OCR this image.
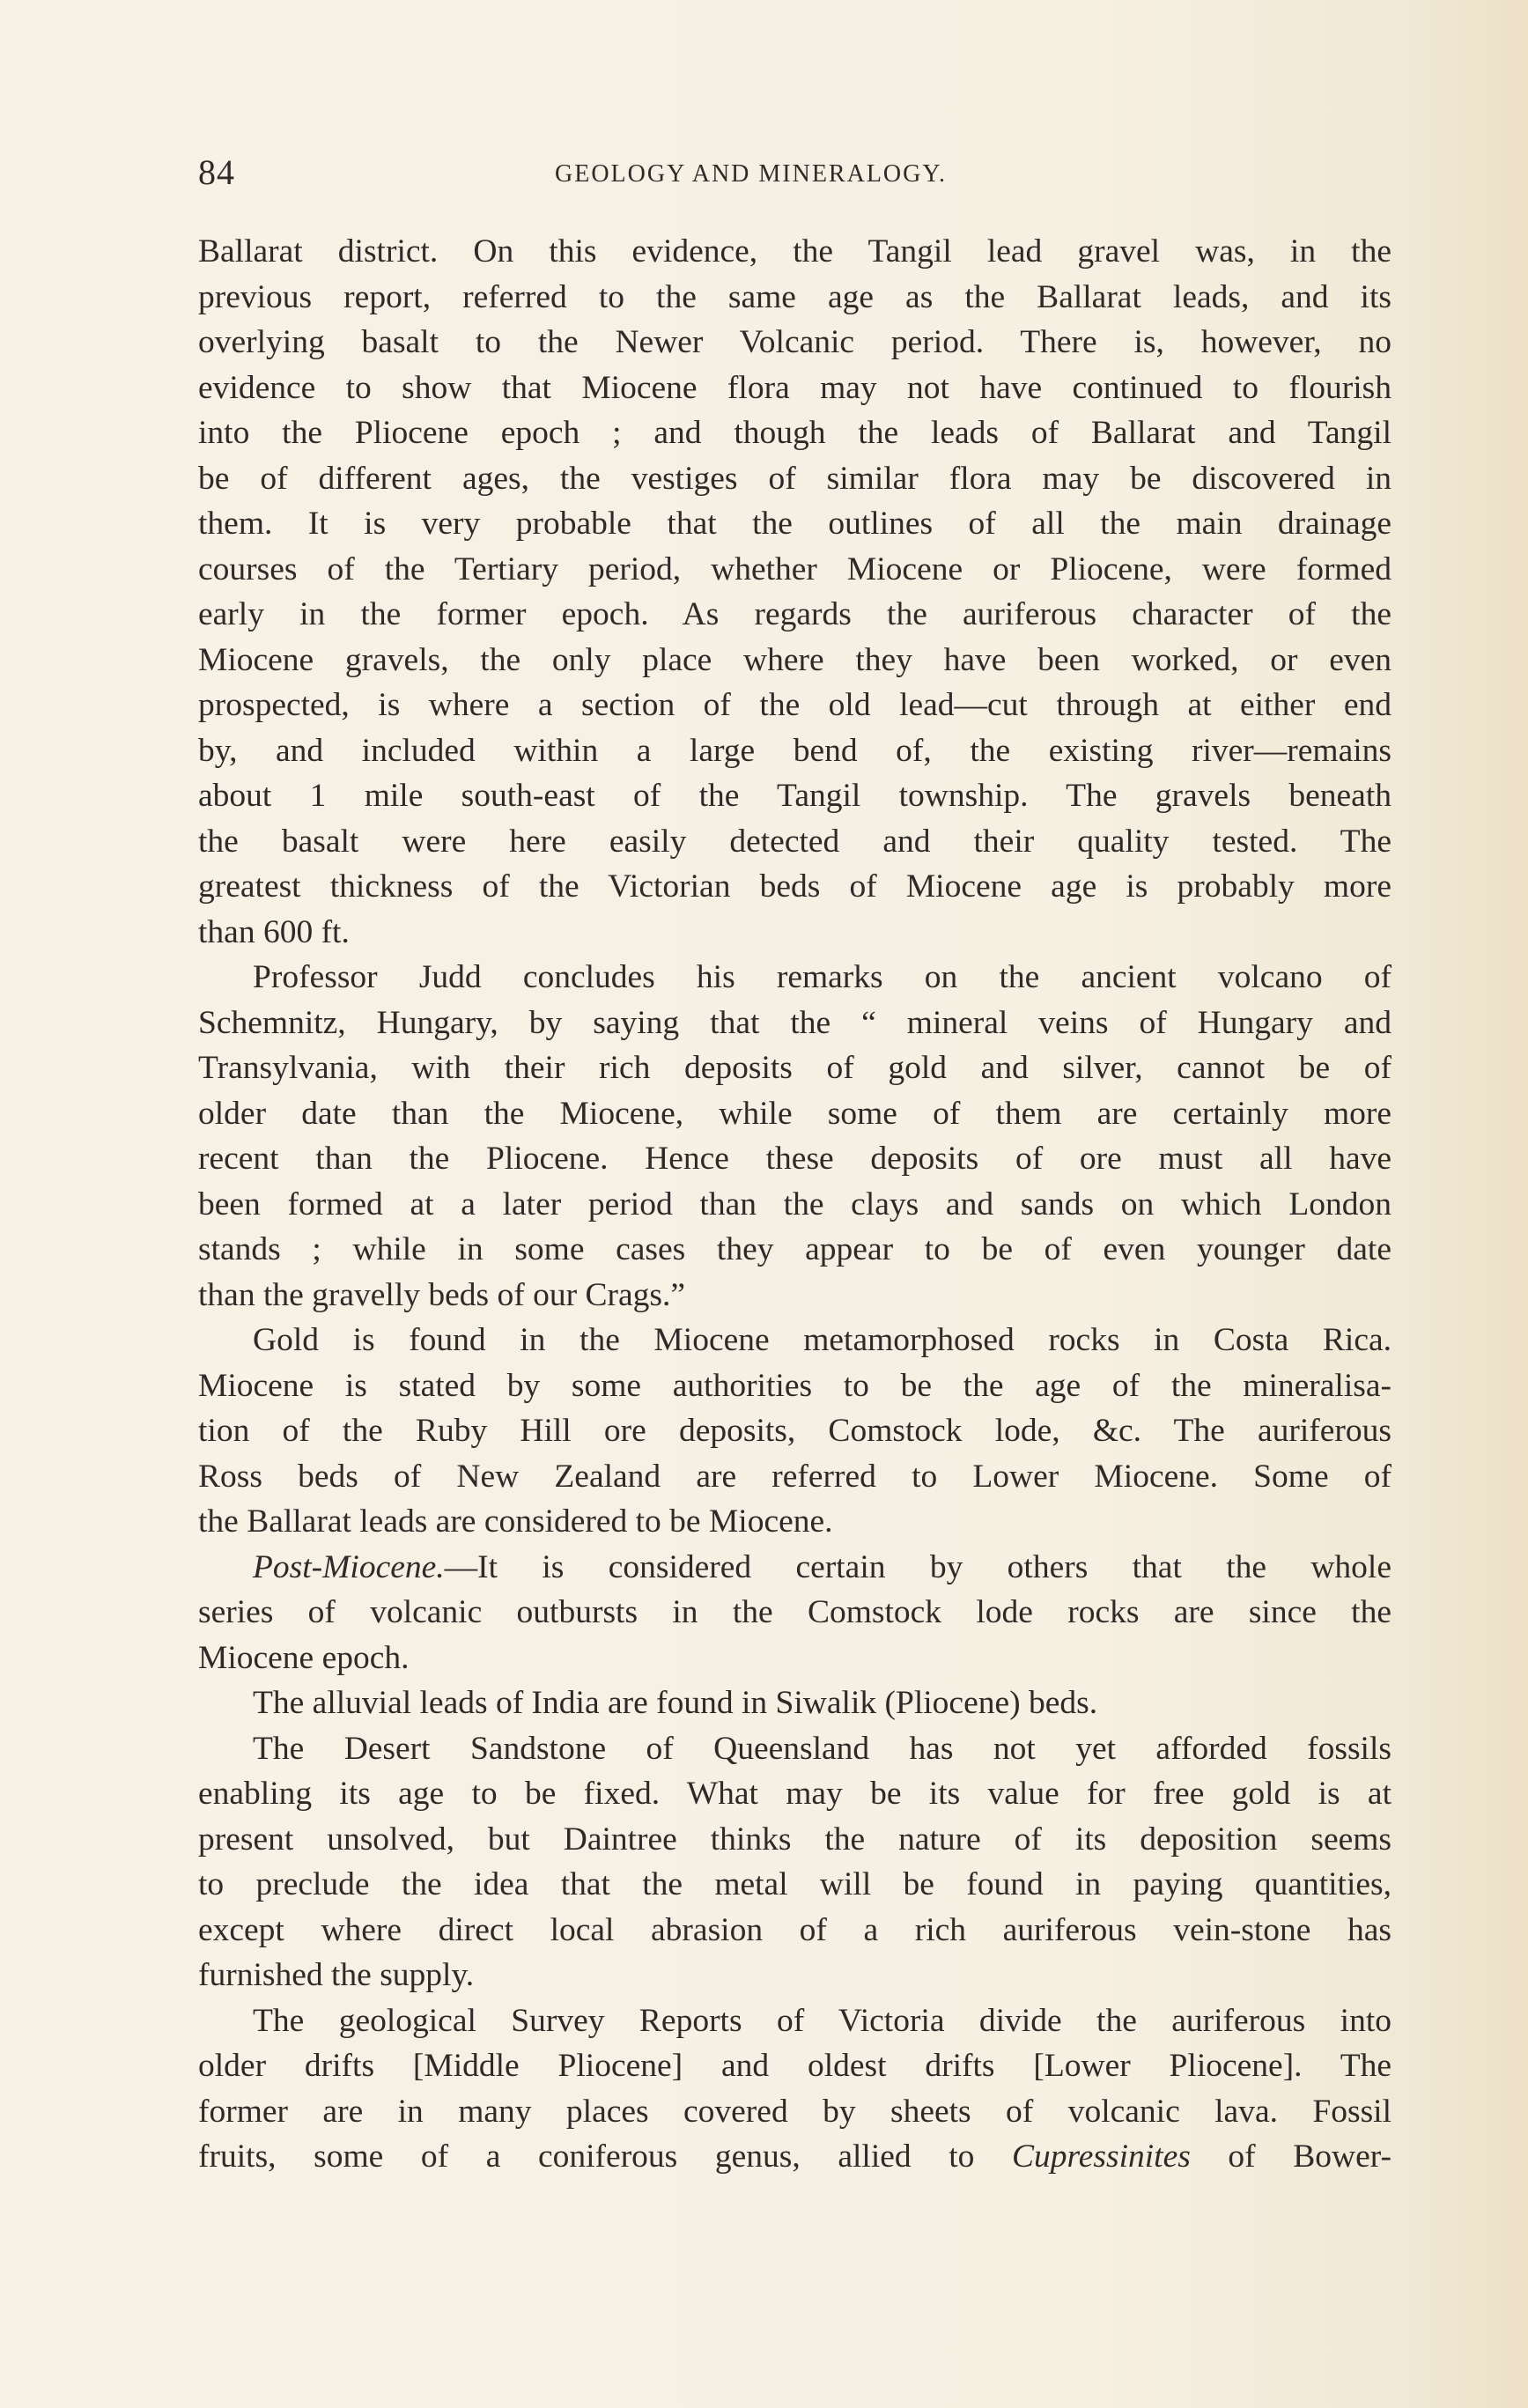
84	GEOLOGY AND MINERALOGY.

Ballarat district. On this evidence, the Tangil lead gravel was, in the
previous report, referred to the same age as the Ballarat leads, and its
overlying basalt to the Newer Volcanic period. There is, however, no
evidence to show that Miocene flora may not have continued to flourish
into the Pliocene epoch ; and though the leads of Ballarat and Tangil
be of different ages, the vestiges of similar flora may be discovered in
them. It is very probable that the outlines of all the main drainage
courses of the Tertiary period, whether Miocene or Pliocene, were formed
early in the former epoch. As regards the auriferous character of the
Miocene gravels, the only place where they have been worked, or even
prospected, is where a section of the old lead—cut through at either end
by, and included within a large bend of, the existing river—remains
about 1 mile south-east of the Tangil township. The gravels beneath
the basalt were here easily detected and their quality tested. The
greatest thickness of the Victorian beds of Miocene age is probably more
than 600 ft.

Professor Judd concludes his remarks on the ancient volcano of
Schemnitz, Hungary, by saying that the “ mineral veins of Hungary and
Transylvania, with their rich deposits of gold and silver, cannot be of
older date than the Miocene, while some of them are certainly more
recent than the Pliocene. Hence these deposits of ore must all have
been formed at a later period than the clays and sands on which London
stands ; while in some cases they appear to be of even younger date
than the gravelly beds of our Crags.”

Gold is found in the Miocene metamorphosed rocks in Costa Rica.
Miocene is stated by some authorities to be the age of the mineralisa-
tion of the Ruby Hill ore deposits, Comstock lode, &c. The auriferous
Ross beds of New Zealand are referred to Lower Miocene. Some of
the Ballarat leads are considered to be Miocene.

Post-Miocene.—It is considered certain by others that the whole
series of volcanic outbursts in the Comstock lode rocks are since the
Miocene epoch.

The alluvial leads of India are found in Siwalik (Pliocene) beds.

The Desert Sandstone of Queensland has not yet afforded fossils
enabling its age to be fixed. What may be its value for free gold is at
present unsolved, but Daintree thinks the nature of its deposition seems
to preclude the idea that the metal will be found in paying quantities,
except where direct local abrasion of a rich auriferous vein-stone has
furnished the supply.

The geological Survey Reports of Victoria divide the auriferous into
older drifts [Middle Pliocene] and oldest drifts [Lower Pliocene]. The
former are in many places covered by sheets of volcanic lava. Fossil
fruits, some of a coniferous genus, allied to Cupressinites of Bower-
